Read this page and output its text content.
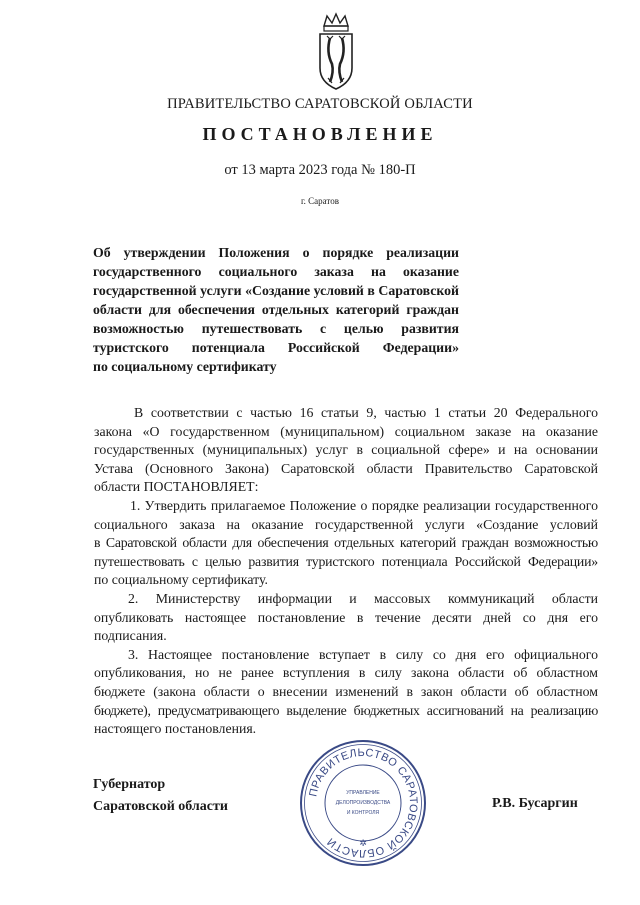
ПРАВИТЕЛЬСТВО САРАТОВСКОЙ ОБЛАСТИ
ПОСТАНОВЛЕНИЕ
от 13 марта 2023 года № 180-П
г. Саратов
Об утверждении Положения о порядке реализации
государственного социального заказа на оказание
государственной услуги «Создание условий в Саратовской
области для обеспечения отдельных категорий граждан
возможностью путешествовать с целью развития
туристского потенциала Российской Федерации»
по социальному сертификату
В соответствии с частью 16 статьи 9, частью 1 статьи 20 Федерального
закона «О государственном (муниципальном) социальном заказе на оказание
государственных (муниципальных) услуг в социальной сфере» и на основании
Устава (Основного Закона) Саратовской области Правительство Саратовской
области ПОСТАНОВЛЯЕТ:
1. Утвердить прилагаемое Положение о порядке реализации государственного
социального заказа на оказание государственной услуги «Создание условий
в Саратовской области для обеспечения отдельных категорий граждан возможностью
путешествовать с целью развития туристского потенциала Российской Федерации»
по социальному сертификату.
2. Министерству информации и массовых коммуникаций области
опубликовать настоящее постановление в течение десяти дней со дня его
подписания.
3. Настоящее постановление вступает в силу со дня его официального
опубликования, но не ранее вступления в силу закона области об областном
бюджете (закона области о внесении изменений в закон области об областном
бюджете), предусматривающего выделение бюджетных ассигнований на реализацию
настоящего постановления.
ПРАВИТЕЛЬСТВО САРАТОВСКОЙ ОБЛАСТИ
УПРАВЛЕНИЕ
ДЕЛОПРОИЗВОДСТВА
И КОНТРОЛЯ
✲
Губернатор
Саратовской области	Р.В. Бусаргин
